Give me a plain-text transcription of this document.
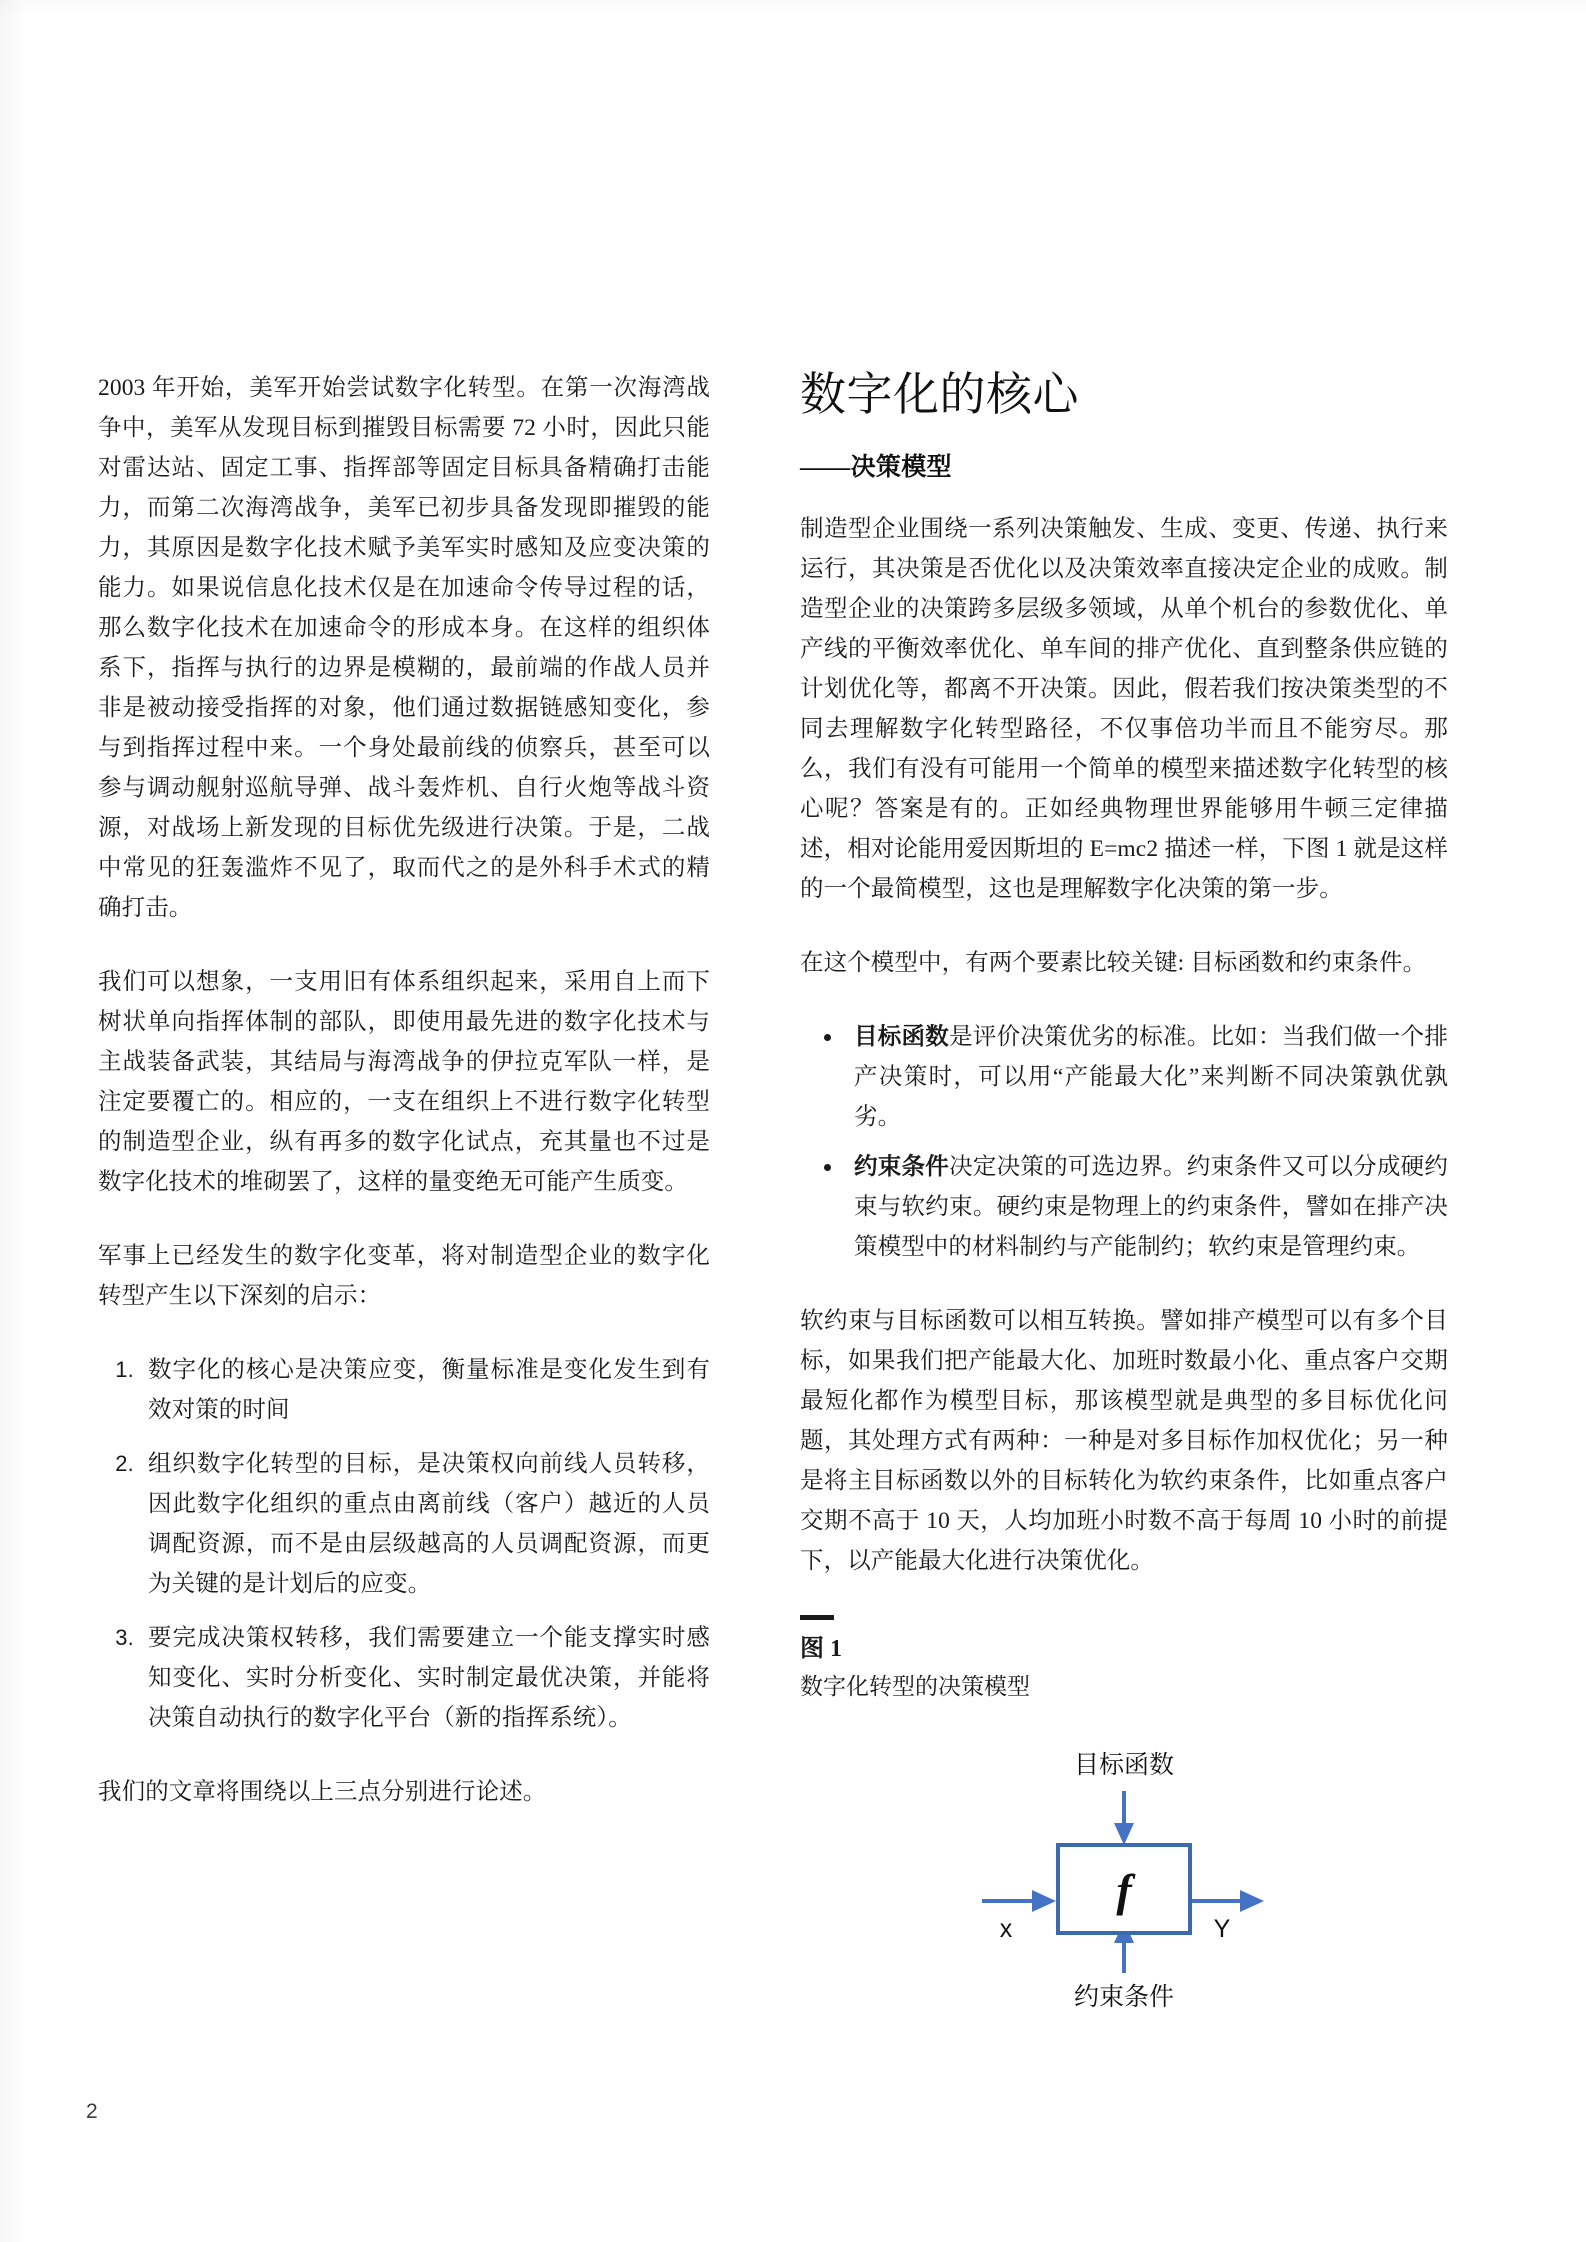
2003 年开始，美军开始尝试数字化转型。在第一次海湾战争中，美军从发现目标到摧毁目标需要 72 小时，因此只能对雷达站、固定工事、指挥部等固定目标具备精确打击能力，而第二次海湾战争，美军已初步具备发现即摧毁的能力，其原因是数字化技术赋予美军实时感知及应变决策的能力。如果说信息化技术仅是在加速命令传导过程的话，那么数字化技术在加速命令的形成本身。在这样的组织体系下，指挥与执行的边界是模糊的，最前端的作战人员并非是被动接受指挥的对象，他们通过数据链感知变化，参与到指挥过程中来。一个身处最前线的侦察兵，甚至可以参与调动舰射巡航导弹、战斗轰炸机、自行火炮等战斗资源，对战场上新发现的目标优先级进行决策。于是，二战中常见的狂轰滥炸不见了，取而代之的是外科手术式的精确打击。

我们可以想象，一支用旧有体系组织起来，采用自上而下树状单向指挥体制的部队，即使用最先进的数字化技术与主战装备武装，其结局与海湾战争的伊拉克军队一样，是注定要覆亡的。相应的，一支在组织上不进行数字化转型的制造型企业，纵有再多的数字化试点，充其量也不过是数字化技术的堆砌罢了，这样的量变绝无可能产生质变。

军事上已经发生的数字化变革，将对制造型企业的数字化转型产生以下深刻的启示：

1. 数字化的核心是决策应变，衡量标准是变化发生到有效对策的时间
2. 组织数字化转型的目标，是决策权向前线人员转移，因此数字化组织的重点由离前线（客户）越近的人员调配资源，而不是由层级越高的人员调配资源，而更为关键的是计划后的应变。
3. 要完成决策权转移，我们需要建立一个能支撑实时感知变化、实时分析变化、实时制定最优决策，并能将决策自动执行的数字化平台（新的指挥系统）。

我们的文章将围绕以上三点分别进行论述。

数字化的核心
——决策模型

制造型企业围绕一系列决策触发、生成、变更、传递、执行来运行，其决策是否优化以及决策效率直接决定企业的成败。制造型企业的决策跨多层级多领域，从单个机台的参数优化、单产线的平衡效率优化、单车间的排产优化、直到整条供应链的计划优化等，都离不开决策。因此，假若我们按决策类型的不同去理解数字化转型路径，不仅事倍功半而且不能穷尽。那么，我们有没有可能用一个简单的模型来描述数字化转型的核心呢？答案是有的。正如经典物理世界能够用牛顿三定律描述，相对论能用爱因斯坦的 E=mc2 描述一样，下图 1 就是这样的一个最简模型，这也是理解数字化决策的第一步。

在这个模型中，有两个要素比较关键: 目标函数和约束条件。

目标函数是评价决策优劣的标准。比如：当我们做一个排产决策时，可以用“产能最大化”来判断不同决策孰优孰劣。
约束条件决定决策的可选边界。约束条件又可以分成硬约束与软约束。硬约束是物理上的约束条件，譬如在排产决策模型中的材料制约与产能制约；软约束是管理约束。

软约束与目标函数可以相互转换。譬如排产模型可以有多个目标，如果我们把产能最大化、加班时数最小化、重点客户交期最短化都作为模型目标，那该模型就是典型的多目标优化问题，其处理方式有两种：一种是对多目标作加权优化；另一种是将主目标函数以外的目标转化为软约束条件，比如重点客户交期不高于 10 天，人均加班小时数不高于每周 10 小时的前提下，以产能最大化进行决策优化。

图 1
数字化转型的决策模型
目标函数
f
x	Y
约束条件
2
